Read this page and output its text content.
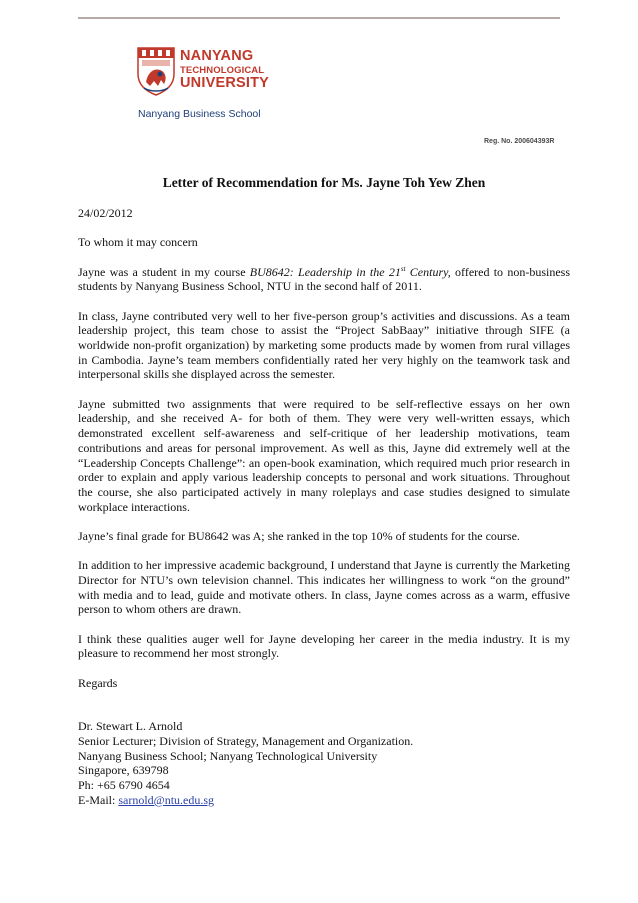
NANYANG
TECHNOLOGICAL
UNIVERSITY
Nanyang Business School
Reg. No. 200604393R
Letter of Recommendation for Ms. Jayne Toh Yew Zhen

24/02/2012

To whom it may concern

Jayne was a student in my course BU8642: Leadership in the 21st Century, offered to non-business students by Nanyang Business School, NTU in the second half of 2011.

In class, Jayne contributed very well to her five-person group’s activities and discussions. As a team leadership project, this team chose to assist the “Project SabBaay” initiative through SIFE (a worldwide non-profit organization) by marketing some products made by women from rural villages in Cambodia. Jayne’s team members confidentially rated her very highly on the teamwork task and interpersonal skills she displayed across the semester.

Jayne submitted two assignments that were required to be self-reflective essays on her own leadership, and she received A- for both of them. They were very well-written essays, which demonstrated excellent self-awareness and self-critique of her leadership motivations, team contributions and areas for personal improvement. As well as this, Jayne did extremely well at the “Leadership Concepts Challenge”: an open-book examination, which required much prior research in order to explain and apply various leadership concepts to personal and work situations. Throughout the course, she also participated actively in many roleplays and case studies designed to simulate workplace interactions.

Jayne’s final grade for BU8642 was A; she ranked in the top 10% of students for the course.

In addition to her impressive academic background, I understand that Jayne is currently the Marketing Director for NTU’s own television channel. This indicates her willingness to work “on the ground” with media and to lead, guide and motivate others. In class, Jayne comes across as a warm, effusive person to whom others are drawn.

I think these qualities auger well for Jayne developing her career in the media industry. It is my pleasure to recommend her most strongly.

Regards

Dr. Stewart L. Arnold
Senior Lecturer; Division of Strategy, Management and Organization.
Nanyang Business School; Nanyang Technological University
Singapore, 639798
Ph: +65 6790 4654
E-Mail: sarnold@ntu.edu.sg
